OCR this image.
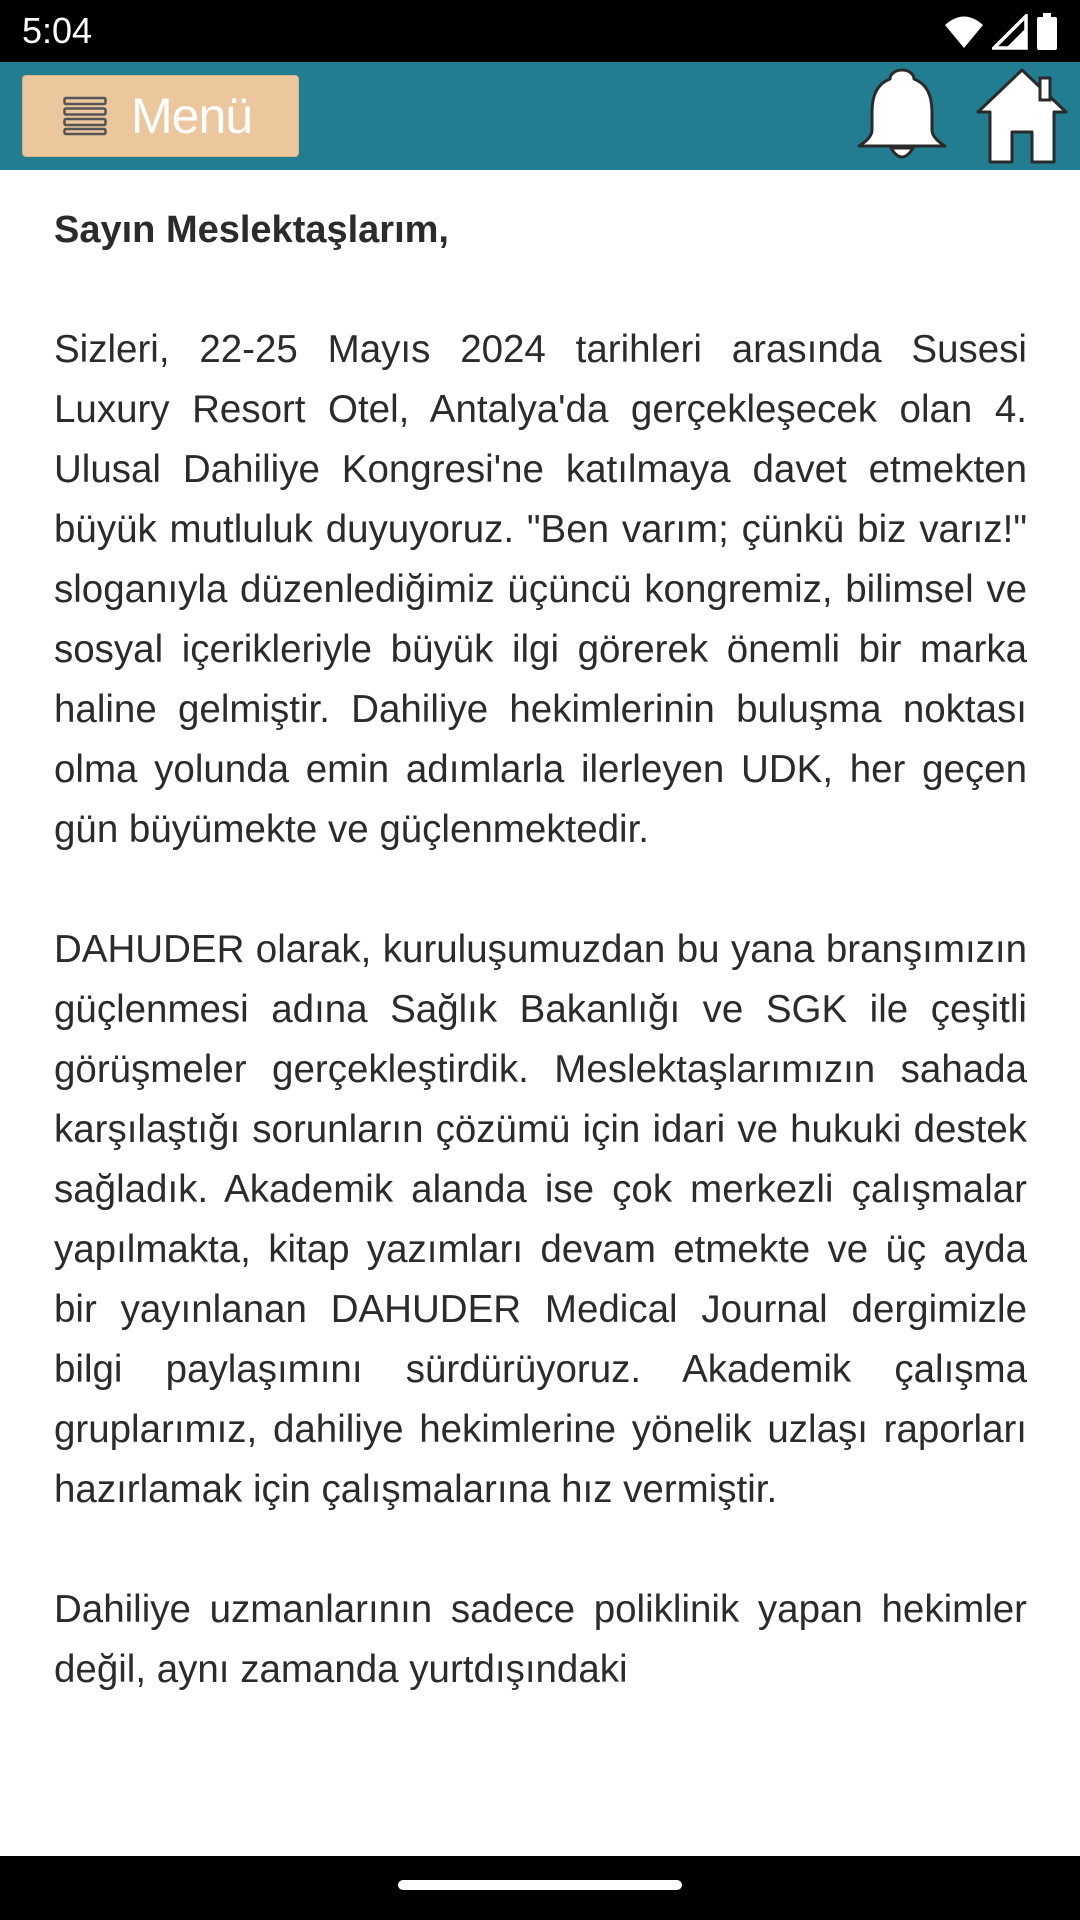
5:04
Menü

Sayın Meslektaşlarım,

Sizleri, 22-25 Mayıs 2024 tarihleri arasında Susesi Luxury Resort Otel, Antalya'da gerçekleşecek olan 4. Ulusal Dahiliye Kongresi'ne katılmaya davet etmekten büyük mutluluk duyuyoruz. "Ben varım; çünkü biz varız!" sloganıyla düzenlediğimiz üçüncü kongremiz, bilimsel ve sosyal içerikleriyle büyük ilgi görerek önemli bir marka haline gelmiştir. Dahiliye hekimlerinin buluşma noktası olma yolunda emin adımlarla ilerleyen UDK, her geçen gün büyümekte ve güçlenmektedir.

DAHUDER olarak, kuruluşumuzdan bu yana branşımızın güçlenmesi adına Sağlık Bakanlığı ve SGK ile çeşitli görüşmeler gerçekleştirdik. Meslektaşlarımızın sahada karşılaştığı sorunların çözümü için idari ve hukuki destek sağladık. Akademik alanda ise çok merkezli çalışmalar yapılmakta, kitap yazımları devam etmekte ve üç ayda bir yayınlanan DAHUDER Medical Journal dergimizle bilgi paylaşımını sürdürüyoruz. Akademik çalışma gruplarımız, dahiliye hekimlerine yönelik uzlaşı raporları hazırlamak için çalışmalarına hız vermiştir.

Dahiliye uzmanlarının sadece poliklinik yapan hekimler değil, aynı zamanda yurtdışındaki
